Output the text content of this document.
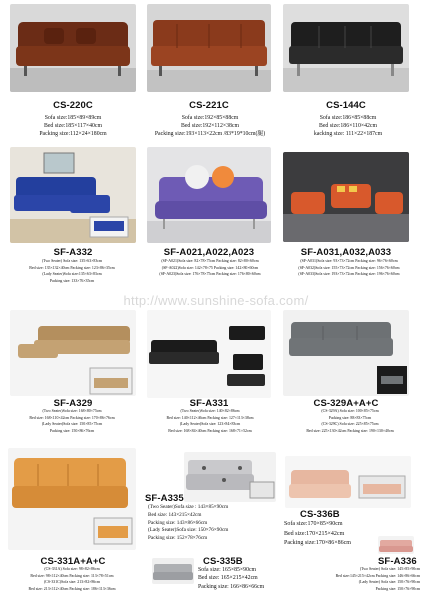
CS-220C
Sofa size:185×89×89cm
Bed size:185×117×40cm
Packing size:112×24×180cm
CS-221C
Sofa size:192×85×88cm
Bed size:192×112×38cm
Packing size:193×113×22cm /83*19*10cm(腿)
CS-144C
Sofa size:186×85×88cm
Bed size:186×110×42cm
kacking size: 111×22×187cm
SF-A332
(Two Seater) Sofa size: 135×63×83cm
Bed size: 135×132×40cm Packing size: 123×86×35cm
(Lady Seater)Sofa size:135×63×83cm
Packing size: 133×76×35cm
SF-A021,A022,A023
(SF-A021)Sofa size: 82×78×75cm Packing size: 82×80×60cm
(SF-A022)Sofa size: 142×78×75 Packing size: 142×80×60cm
(SF-A023)Sofa size: 176×78×75cm Packing size: 176×80×60cm
SF-A031,A032,A033
(SF-A031)Sofa size: 93×73×72cm Packing size: 96×76×60cm
(SF-A032)Sofa size: 155×73×72cm Packing size: 156×76×60cm
(SF-A033)Sofa size: 193×73×72cm Packing size: 196×76×60cm
http://www.sunshine-sofa.com/
SF-A329
(Two Seater)Sofa size: 168×80×75cm
Bed size: 168×110×42cm Packing size: 170×86×76cm
(Lady Seater)Sofa size: 150×85×75cm
Packing size: 150×86×76cm
SF-A331
(Two Seater)Sofa size: 140×82×86cm
Bed size: 140×112×46cm Packing size: 127×113×38cm
(Lady Seater)Sofa size: 123×84×83cm
Bed size: 168×84×40cm Packing size: 168×71×52cm
CS-329A+A+C
(CS-329A) Sofa size: 100×85×75cm
Packing size: 88×83×75cm
(CS-329C) Sofa size: 225×85×75cm
Bed size: 225×130×42cm Packing size: 190×130×40cm
CS-331A+A+C
(CS-331A) Sofa size: 98×82×86cm
Bed size: 98×112×40cm Packing size: 113×78×51cm
(CS-331C)Sofa size: 213×82×86cm
Bed size: 213×112×40cm Packing size: 186×113×36cm
SF-A335
(Two Seater)Sofa size : 143×85×90cm
Bed size: 143×215×42cm
Packing size: 143×86×66cm
(Lady Seater)Sofa size: 150×76×90cm
Packing size: 152×78×76cm
CS-335B
Sofa size: 165×85×90cm
Bed size: 165×215×42cm
Packing size: 166×86×66cm
CS-336B
Sofa size:170×85×90cm
Bed size:170×215×42cm
Packing size:170×86×86cm
SF-A336
(Two Seater) Sofa size: 145×85×90cm
Bed size:145×215×42cm Packing size: 146×86×66cm
(Lady Seater) Sofa size: 150×76×90cm
Packing size: 150×76×90cm
